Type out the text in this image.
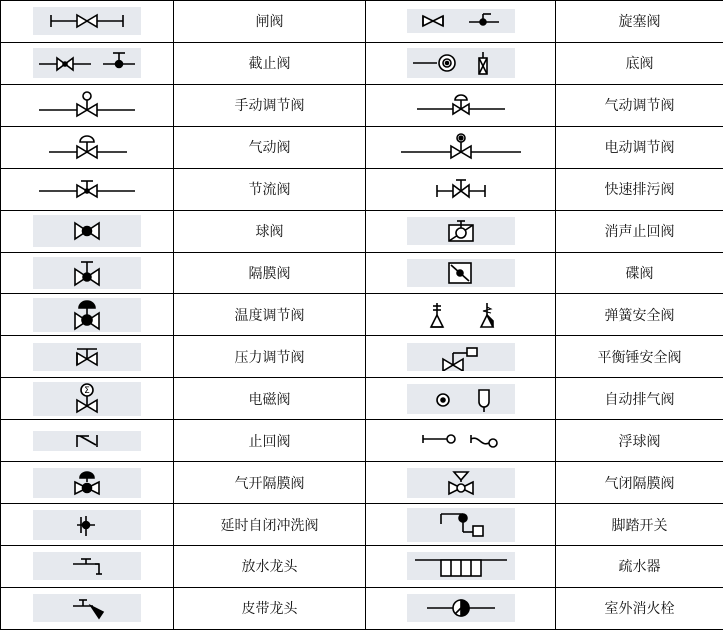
	闸阀		旋塞阀

	截止阀		底阀

	手动调节阀		气动调节阀

	气动阀		电动调节阀

	节流阀		快速排污阀

	球阀		消声止回阀

	隔膜阀		碟阀

	温度调节阀		弹簧安全阀

	压力调节阀		平衡锤安全阀

Σ	电磁阀		自动排气阀

	止回阀		浮球阀

	气开隔膜阀		气闭隔膜阀

	延时自闭冲洗阀		脚踏开关

	放水龙头		疏水器

	皮带龙头		室外消火栓
